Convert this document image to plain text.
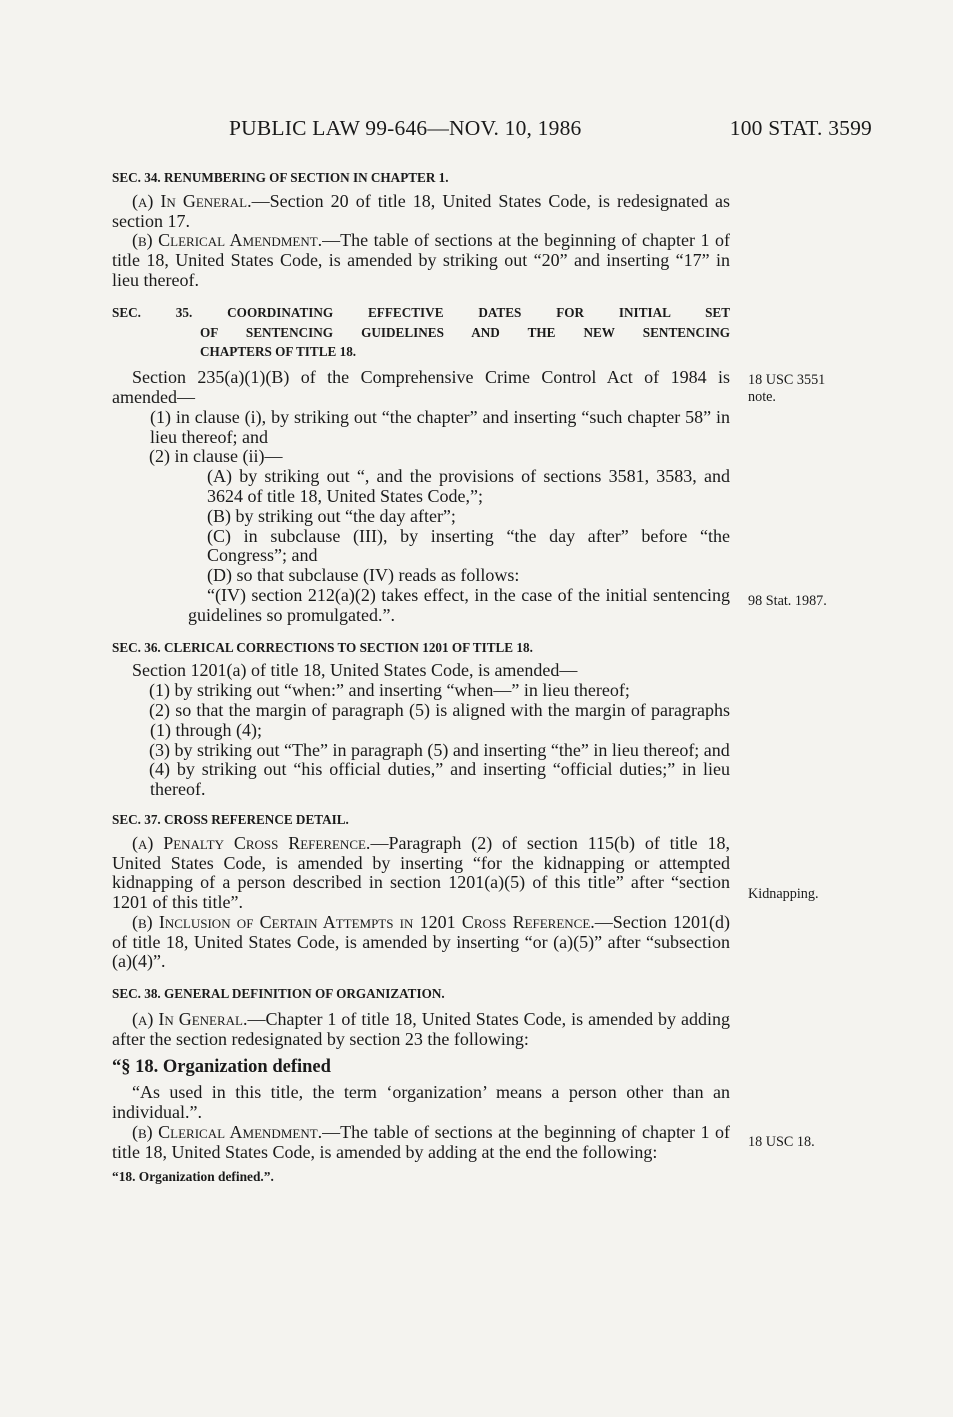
PUBLIC LAW 99-646—NOV. 10, 1986	100 STAT. 3599
SEC. 34. RENUMBERING OF SECTION IN CHAPTER 1.

(a) In General.—Section 20 of title 18, United States Code, is redesignated as section 17.

(b) Clerical Amendment.—The table of sections at the beginning of chapter 1 of title 18, United States Code, is amended by striking out “20” and inserting “17” in lieu thereof.

SEC. 35. COORDINATING EFFECTIVE DATES FOR INITIAL SET
OF SENTENCING GUIDELINES AND THE NEW SENTENCING
CHAPTERS OF TITLE 18.

Section 235(a)(1)(B) of the Comprehensive Crime Control Act of 1984 is amended—

(1) in clause (i), by striking out “the chapter” and inserting “such chapter 58” in lieu thereof; and

(2) in clause (ii)—

(A) by striking out “, and the provisions of sections 3581, 3583, and 3624 of title 18, United States Code,”;

(B) by striking out “the day after”;

(C) in subclause (III), by inserting “the day after” before “the Congress”; and

(D) so that subclause (IV) reads as follows:

“(IV) section 212(a)(2) takes effect, in the case of the initial sentencing guidelines so promulgated.”.

SEC. 36. CLERICAL CORRECTIONS TO SECTION 1201 OF TITLE 18.

Section 1201(a) of title 18, United States Code, is amended—

(1) by striking out “when:” and inserting “when—” in lieu thereof;

(2) so that the margin of paragraph (5) is aligned with the margin of paragraphs (1) through (4);

(3) by striking out “The” in paragraph (5) and inserting “the” in lieu thereof; and

(4) by striking out “his official duties,” and inserting “official duties;” in lieu thereof.

SEC. 37. CROSS REFERENCE DETAIL.

(a) Penalty Cross Reference.—Paragraph (2) of section 115(b) of title 18, United States Code, is amended by inserting “for the kidnapping or attempted kidnapping of a person described in section 1201(a)(5) of this title” after “section 1201 of this title”.

(b) Inclusion of Certain Attempts in 1201 Cross Reference.—Section 1201(d) of title 18, United States Code, is amended by inserting “or (a)(5)” after “subsection (a)(4)”.

SEC. 38. GENERAL DEFINITION OF ORGANIZATION.

(a) In General.—Chapter 1 of title 18, United States Code, is amended by adding after the section redesignated by section 23 the following:

“§ 18. Organization defined

“As used in this title, the term ‘organization’ means a person other than an individual.”.

(b) Clerical Amendment.—The table of sections at the beginning of chapter 1 of title 18, United States Code, is amended by adding at the end the following:

“18. Organization defined.”.
18 USC 3551
note.
98 Stat. 1987.
Kidnapping.
18 USC 18.
